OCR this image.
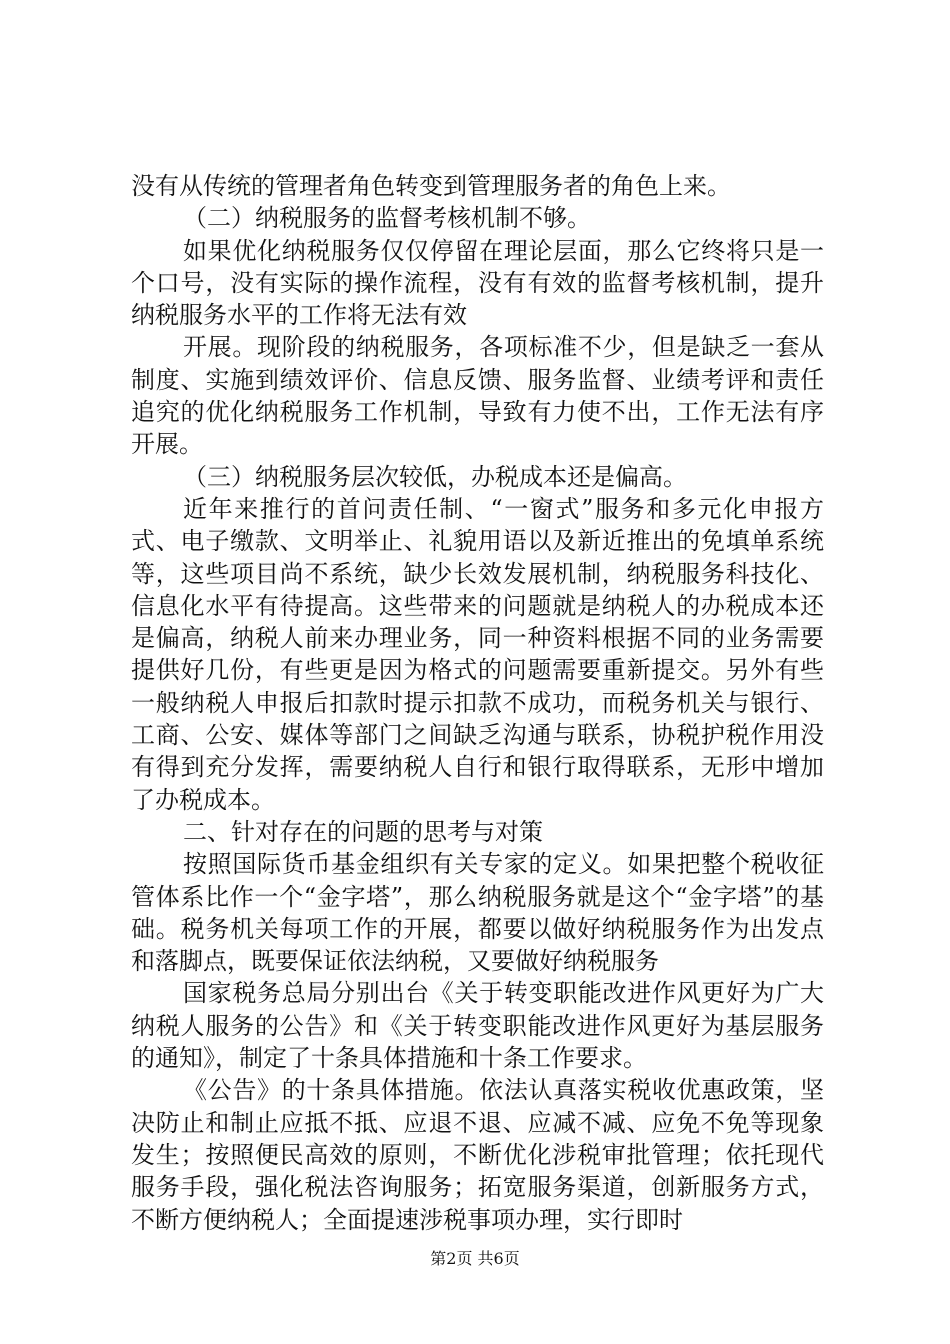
没有从传统的管理者角色转变到管理服务者的角色上来。

（二）纳税服务的监督考核机制不够。

如果优化纳税服务仅仅停留在理论层面，那么它终将只是一个口号，没有实际的操作流程，没有有效的监督考核机制，提升纳税服务水平的工作将无法有效

开展。现阶段的纳税服务，各项标准不少，但是缺乏一套从制度、实施到绩效评价、信息反馈、服务监督、业绩考评和责任追究的优化纳税服务工作机制，导致有力使不出，工作无法有序开展。

（三）纳税服务层次较低，办税成本还是偏高。

近年来推行的首问责任制、“一窗式”服务和多元化申报方式、电子缴款、文明举止、礼貌用语以及新近推出的免填单系统等，这些项目尚不系统，缺少长效发展机制，纳税服务科技化、信息化水平有待提高。这些带来的问题就是纳税人的办税成本还是偏高，纳税人前来办理业务，同一种资料根据不同的业务需要提供好几份，有些更是因为格式的问题需要重新提交。另外有些一般纳税人申报后扣款时提示扣款不成功，而税务机关与银行、工商、公安、媒体等部门之间缺乏沟通与联系，协税护税作用没有得到充分发挥，需要纳税人自行和银行取得联系，无形中增加了办税成本。

二、针对存在的问题的思考与对策

按照国际货币基金组织有关专家的定义。如果把整个税收征管体系比作一个“金字塔”，那么纳税服务就是这个“金字塔”的基础。税务机关每项工作的开展，都要以做好纳税服务作为出发点和落脚点，既要保证依法纳税，又要做好纳税服务

国家税务总局分别出台《关于转变职能改进作风更好为广大纳税人服务的公告》和《关于转变职能改进作风更好为基层服务的通知》，制定了十条具体措施和十条工作要求。

《公告》的十条具体措施。依法认真落实税收优惠政策，坚决防止和制止应抵不抵、应退不退、应减不减、应免不免等现象发生；按照便民高效的原则，不断优化涉税审批管理；依托现代服务手段，强化税法咨询服务；拓宽服务渠道，创新服务方式，不断方便纳税人；全面提速涉税事项办理，实行即时

第2页 共6页
